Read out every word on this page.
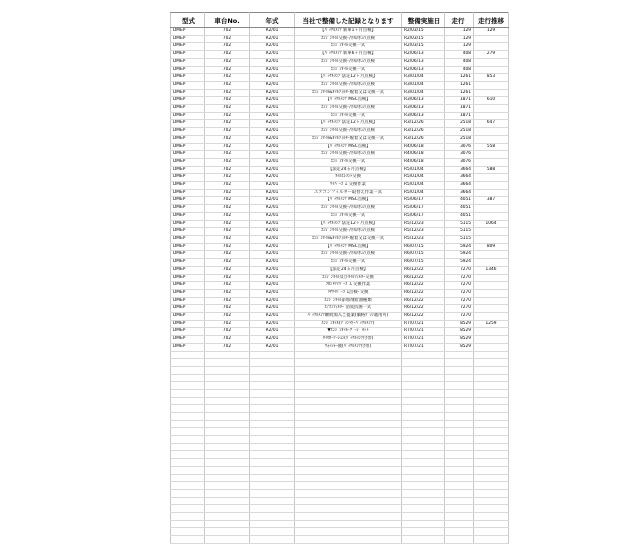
型式	車台No.	年式	当社で整備した記録となります	整備実施日	走行	走行推移
DMEP	702	R2/01	【ﾊﾟｯｹﾙﾒﾝﾃ 新車1ヶ月点検】	R2/03/15	129	129
DMEP	702	R2/01	ｴﾝｼﾞﾝｵｲﾙ交換･冷却水の点検	R2/03/15	129	
DMEP	702	R2/01	ｴﾝｼﾞﾝｵｲﾙ交換一式	R2/03/15	129	
DMEP	702	R2/01	【ﾊﾟｯｹﾙﾒﾝﾃ 新車6ヶ月点検】	R2/06/13	408	279
DMEP	702	R2/01	ｴﾝｼﾞﾝｵｲﾙ交換･冷却水の点検	R2/06/13	408	
DMEP	702	R2/01	ｴﾝｼﾞﾝｵｲﾙ交換一式	R2/06/13	408	
DMEP	702	R2/01	【ﾊﾟｯｹﾙﾒﾝﾃ 法定12ヶ月点検】	R3/01/04	1261	853
DMEP	702	R2/01	ｴﾝｼﾞﾝｵｲﾙ交換･冷却水の点検	R3/01/04	1261	
DMEP	702	R2/01	ｴﾝｼﾞﾝｵｲﾙ&ｵｲﾙﾌｨﾙﾀｰ脱着又は交換一式	R3/01/04	1261	
DMEP	702	R2/01	【ﾊﾟｯｹﾙﾒﾝﾃ MSC点検】	R3/06/13	1871	610
DMEP	702	R2/01	ｴﾝｼﾞﾝｵｲﾙ交換･冷却水の点検	R3/06/13	1871	
DMEP	702	R2/01	ｴﾝｼﾞﾝｵｲﾙ交換一式	R3/06/13	1871	
DMEP	702	R2/01	【ﾊﾟｯｹﾙﾒﾝﾃ 法定12ヶ月点検】	R3/12/26	2518	647
DMEP	702	R2/01	ｴﾝｼﾞﾝｵｲﾙ交換･冷却水の点検	R3/12/26	2518	
DMEP	702	R2/01	ｴﾝｼﾞﾝｵｲﾙ&ｵｲﾙﾌｨﾙﾀｰ脱着又は交換一式	R3/12/26	2518	
DMEP	702	R2/01	【ﾊﾟｯｹﾙﾒﾝﾃ MSC点検】	R4/06/18	3076	558
DMEP	702	R2/01	ｴﾝｼﾞﾝｵｲﾙ交換･冷却水の点検	R4/06/18	3076	
DMEP	702	R2/01	ｴﾝｼﾞﾝｵｲﾙ交換一式	R4/06/18	3076	
DMEP	702	R2/01	【法定24ヵ月点検】	R5/01/04	3664	588
DMEP	702	R2/01	ｵｲﾙｴﾚﾒﾝﾄ交換	R5/01/04	3664	
DMEP	702	R2/01	ﾜｲﾊﾟｰｺﾞﾑ 交換作業	R5/01/04	3664	
DMEP	702	R2/01	エアコンフィルター取替え作業一式	R5/01/04	3664	
DMEP	702	R2/01	【ﾊﾟｯｹﾙﾒﾝﾃ MSC点検】	R5/06/17	4051	387
DMEP	702	R2/01	ｴﾝｼﾞﾝｵｲﾙ交換･冷却水の点検	R5/06/17	4051	
DMEP	702	R2/01	ｴﾝｼﾞﾝｵｲﾙ交換一式	R5/06/17	4051	
DMEP	702	R2/01	【ﾊﾟｯｹﾙﾒﾝﾃ 法定12ヶ月点検】	R5/12/23	5115	1064
DMEP	702	R2/01	ｴﾝｼﾞﾝｵｲﾙ交換･冷却水の点検	R5/12/23	5115	
DMEP	702	R2/01	ｴﾝｼﾞﾝｵｲﾙ&ｵｲﾙﾌｨﾙﾀｰ脱着又は交換一式	R5/12/23	5115	
DMEP	702	R2/01	【ﾊﾟｯｹﾙﾒﾝﾃ MSC点検】	R6/07/15	5924	809
DMEP	702	R2/01	ｴﾝｼﾞﾝｵｲﾙ交換･冷却水の点検	R6/07/15	5924	
DMEP	702	R2/01	ｴﾝｼﾞﾝｵｲﾙ交換一式	R6/07/15	5924	
DMEP	702	R2/01	【法定24ヵ月点検】	R6/12/22	7270	1346
DMEP	702	R2/01	ｴﾝｼﾞﾝｵｲﾙ及びｵｲﾙﾌｨﾙﾀｰ交換	R6/12/22	7270	
DMEP	702	R2/01	ﾌﾛﾝﾄﾜｲﾊﾟｰｺﾞﾑ 交換作業	R6/12/22	7270	
DMEP	702	R2/01	ﾘﾔﾜｲﾊﾟｰｺﾞﾑ点検･交換	R6/12/22	7270	
DMEP	702	R2/01	ｴﾝｼﾞﾝｵｲﾙ添加剤給油種類	R6/12/22	7270	
DMEP	702	R2/01	ｴｱｺﾝﾌｨﾙﾀｰ 消臭抗菌一式	R6/12/22	7270	
DMEP	702	R2/01	ﾊﾟｯｹﾙﾒﾝﾃ継続加入ご提案(価格ﾌﾟﾗﾝ適用可)	R6/12/22	7270	
DMEP	702	R2/01	ｴﾝｼﾞﾝｵｲﾙ(ﾌﾟﾗﾝ外･ﾊﾟｯｹﾙﾒﾝﾃ)	R7/07/21	8529	1259
DMEP	702	R2/01	▼ｴﾝｼﾞﾝｵｲﾙ･ｹﾞｰｼﾞ ｾｯﾄ	R7/07/21	8529	
DMEP	702	R2/01	ﾀｲﾔﾛｰﾃｰｼｮﾝ(ﾊﾟｯｹﾙﾒﾝﾃ付帯)	R7/07/21	8529	
DMEP	702	R2/01	ｳｫｯｼｬｰ液(ﾊﾟｯｹﾙﾒﾝﾃ付帯)	R7/07/21	8529	
